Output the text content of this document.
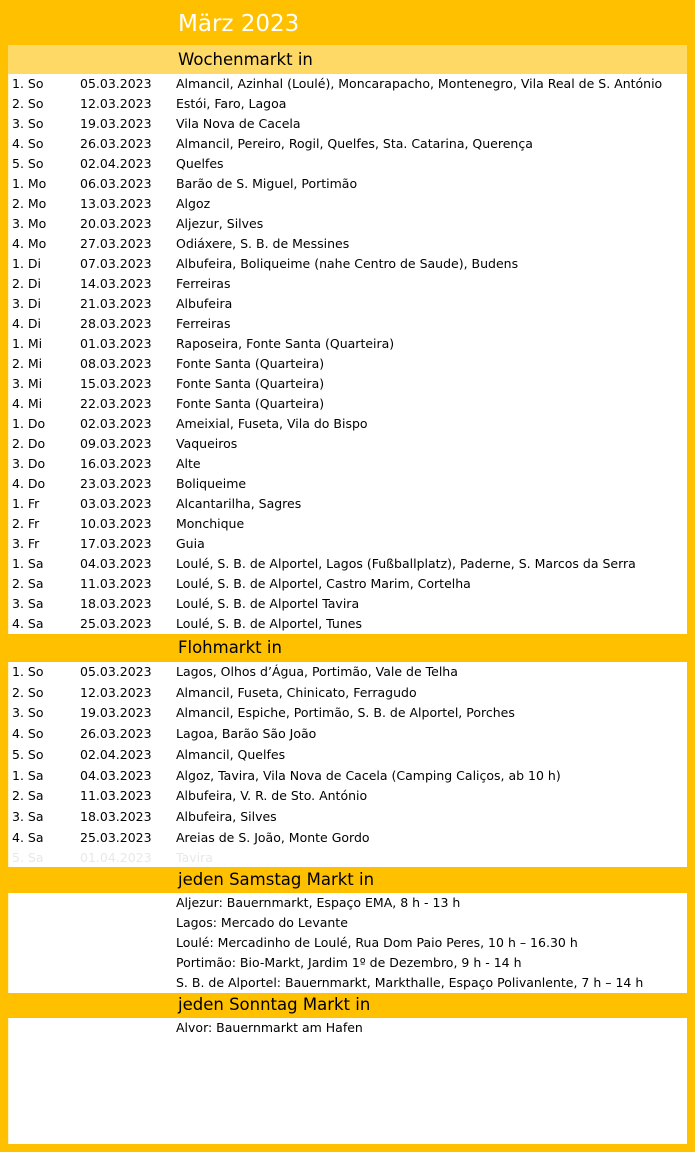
März 2023
Wochenmarkt in
1. So	05.03.2023 Almancil, Azinhal (Loulé), Moncarapacho, Montenegro, Vila Real de S. António
2. So	12.03.2023 Estói, Faro, Lagoa
3. So	19.03.2023 Vila Nova de Cacela
4. So	26.03.2023 Almancil, Pereiro, Rogil, Quelfes, Sta. Catarina, Querença
5. So	02.04.2023 Quelfes
1. Mo	06.03.2023 Barão de S. Miguel, Portimão
2. Mo	13.03.2023 Algoz
3. Mo	20.03.2023 Aljezur, Silves
4. Mo	27.03.2023 Odiáxere, S. B. de Messines
1. Di	07.03.2023 Albufeira, Boliqueime (nahe Centro de Saude), Budens
2. Di	14.03.2023 Ferreiras
3. Di	21.03.2023 Albufeira
4. Di	28.03.2023 Ferreiras
1. Mi	01.03.2023 Raposeira, Fonte Santa (Quarteira)
2. Mi	08.03.2023 Fonte Santa (Quarteira)
3. Mi	15.03.2023 Fonte Santa (Quarteira)
4. Mi	22.03.2023 Fonte Santa (Quarteira)
1. Do	02.03.2023 Ameixial, Fuseta, Vila do Bispo
2. Do	09.03.2023 Vaqueiros
3. Do	16.03.2023 Alte
4. Do	23.03.2023 Boliqueime
1. Fr	03.03.2023 Alcantarilha, Sagres
2. Fr	10.03.2023 Monchique
3. Fr	17.03.2023 Guia
1. Sa	04.03.2023 Loulé, S. B. de Alportel, Lagos (Fußballplatz), Paderne, S. Marcos da Serra
2. Sa	11.03.2023 Loulé, S. B. de Alportel, Castro Marim, Cortelha
3. Sa	18.03.2023 Loulé, S. B. de Alportel Tavira
4. Sa	25.03.2023 Loulé, S. B. de Alportel, Tunes
Flohmarkt in
1. So	05.03.2023 Lagos, Olhos d’Água, Portimão, Vale de Telha
2. So	12.03.2023 Almancil, Fuseta, Chinicato, Ferragudo
3. So	19.03.2023 Almancil, Espiche, Portimão, S. B. de Alportel, Porches
4. So	26.03.2023 Lagoa, Barão São João
5. So	02.04.2023 Almancil, Quelfes
1. Sa	04.03.2023 Algoz, Tavira, Vila Nova de Cacela (Camping Caliços, ab 10 h)
2. Sa	11.03.2023 Albufeira, V. R. de Sto. António
3. Sa	18.03.2023 Albufeira, Silves
4. Sa	25.03.2023 Areias de S. João, Monte Gordo
5. Sa	01.04.2023 Tavira
jeden Samstag Markt in
Aljezur: Bauernmarkt, Espaço EMA, 8 h - 13 h
Lagos: Mercado do Levante
Loulé: Mercadinho de Loulé, Rua Dom Paio Peres, 10 h – 16.30 h
Portimão: Bio-Markt, Jardim 1º de Dezembro, 9 h - 14 h
S. B. de Alportel: Bauernmarkt, Markthalle, Espaço Polivanlente, 7 h – 14 h
jeden Sonntag Markt in
Alvor: Bauernmarkt am Hafen
